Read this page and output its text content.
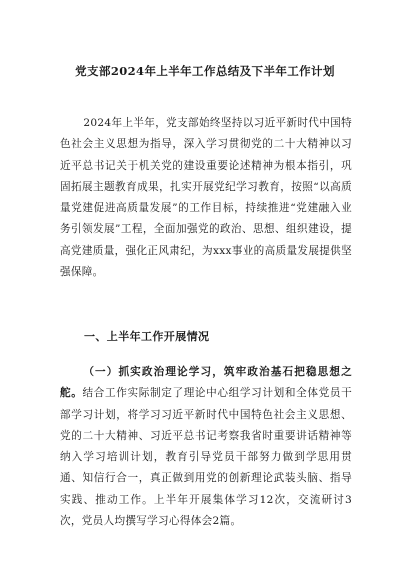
党支部2024年上半年工作总结及下半年工作计划

2024年上半年，党支部始终坚持以习近平新时代中国特色社会主义思想为指导，深入学习贯彻党的二十大精神以习近平总书记关于机关党的建设重要论述精神为根本指引，巩固拓展主题教育成果，扎实开展党纪学习教育，按照“以高质量党建促进高质量发展”的工作目标，持续推进“党建融入业务引领发展”工程，全面加强党的政治、思想、组织建设，提高党建质量，强化正风肃纪，为xxx事业的高质量发展提供坚强保障。

一、上半年工作开展情况

（一）抓实政治理论学习，筑牢政治基石把稳思想之舵。结合工作实际制定了理论中心组学习计划和全体党员干部学习计划，将学习习近平新时代中国特色社会主义思想、党的二十大精神、习近平总书记考察我省时重要讲话精神等纳入学习培训计划，教育引导党员干部努力做到学思用贯通、知信行合一，真正做到用党的创新理论武装头脑、指导实践、推动工作。上半年开展集体学习12次，交流研讨3次，党员人均撰写学习心得体会2篇。
